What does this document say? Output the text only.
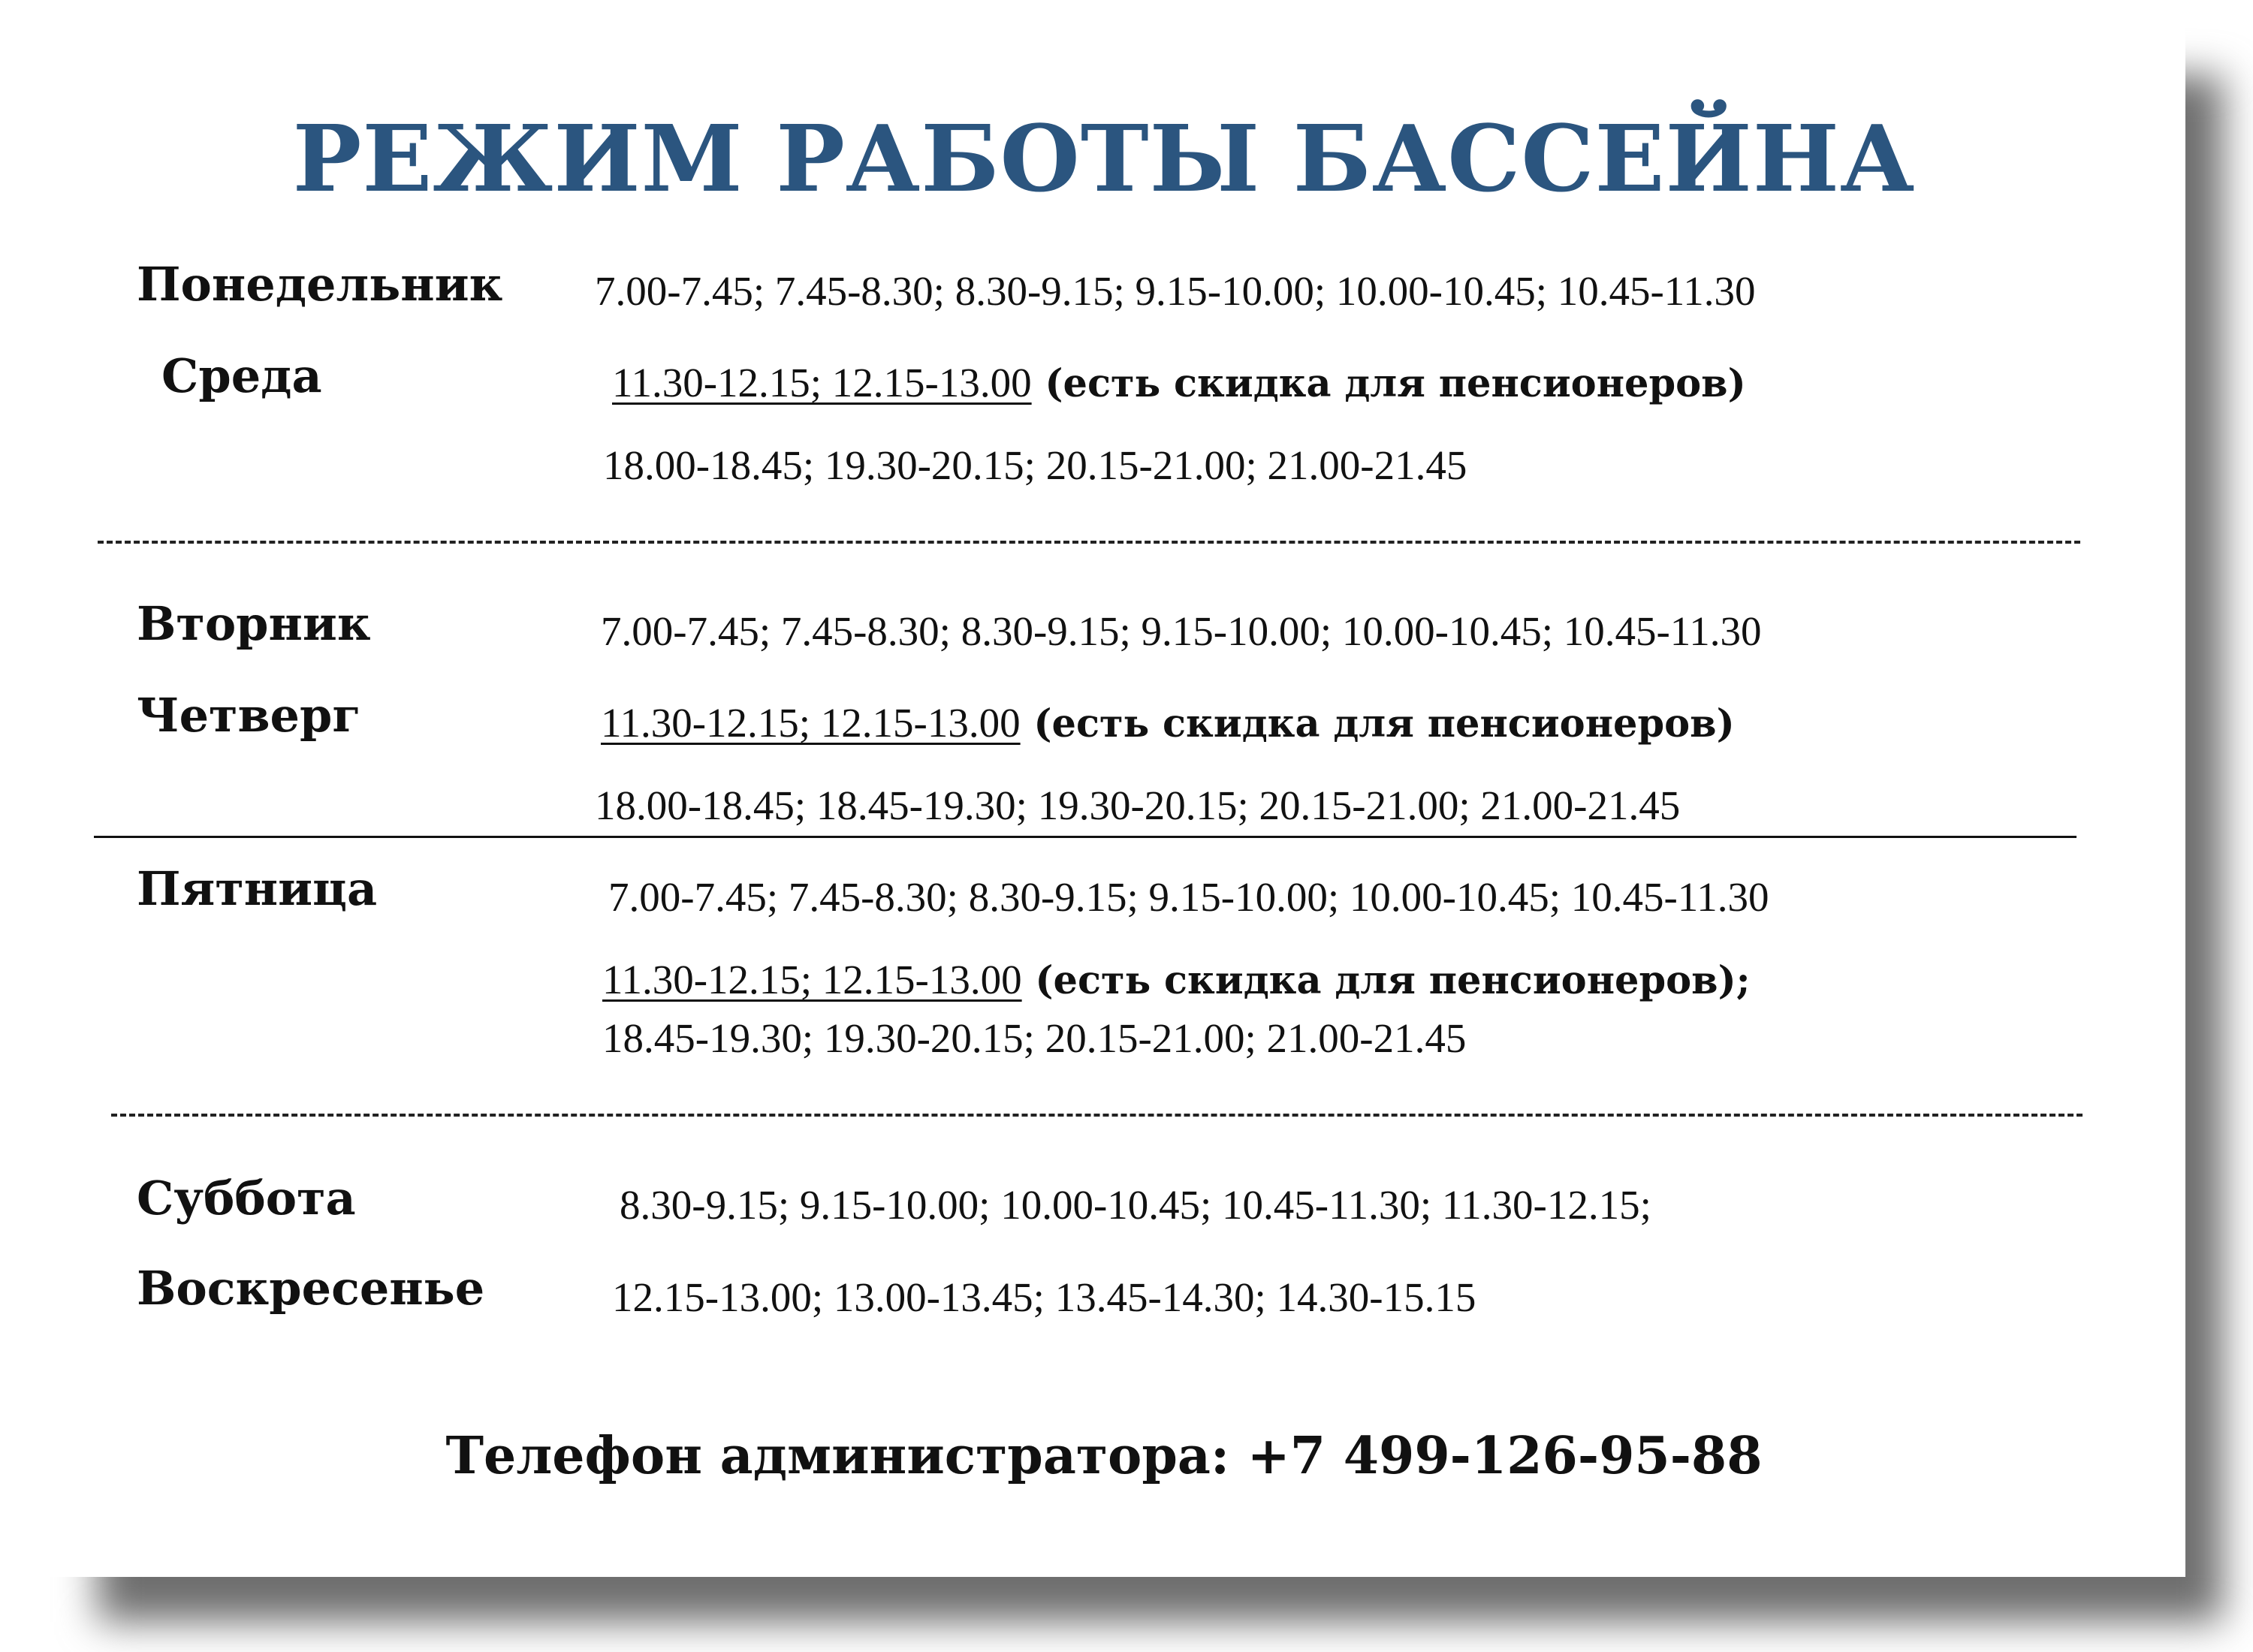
РЕЖИМ РАБОТЫ БАССЕЙНА
Понедельник
Среда
7.00-7.45; 7.45-8.30; 8.30-9.15; 9.15-10.00; 10.00-10.45; 10.45-11.30
11.30-12.15; 12.15-13.00 (есть скидка для пенсионеров)
18.00-18.45; 19.30-20.15; 20.15-21.00; 21.00-21.45
Вторник
Четверг
7.00-7.45; 7.45-8.30; 8.30-9.15; 9.15-10.00; 10.00-10.45; 10.45-11.30
11.30-12.15; 12.15-13.00 (есть скидка для пенсионеров)
18.00-18.45; 18.45-19.30; 19.30-20.15; 20.15-21.00; 21.00-21.45
Пятница	7.00-7.45; 7.45-8.30; 8.30-9.15; 9.15-10.00; 10.00-10.45; 10.45-11.30
11.30-12.15; 12.15-13.00 (есть скидка для пенсионеров);
18.45-19.30; 19.30-20.15; 20.15-21.00; 21.00-21.45
Суббота
Воскресенье
8.30-9.15; 9.15-10.00; 10.00-10.45; 10.45-11.30; 11.30-12.15;
12.15-13.00; 13.00-13.45; 13.45-14.30; 14.30-15.15
Телефон администратора: +7 499-126-95-88
